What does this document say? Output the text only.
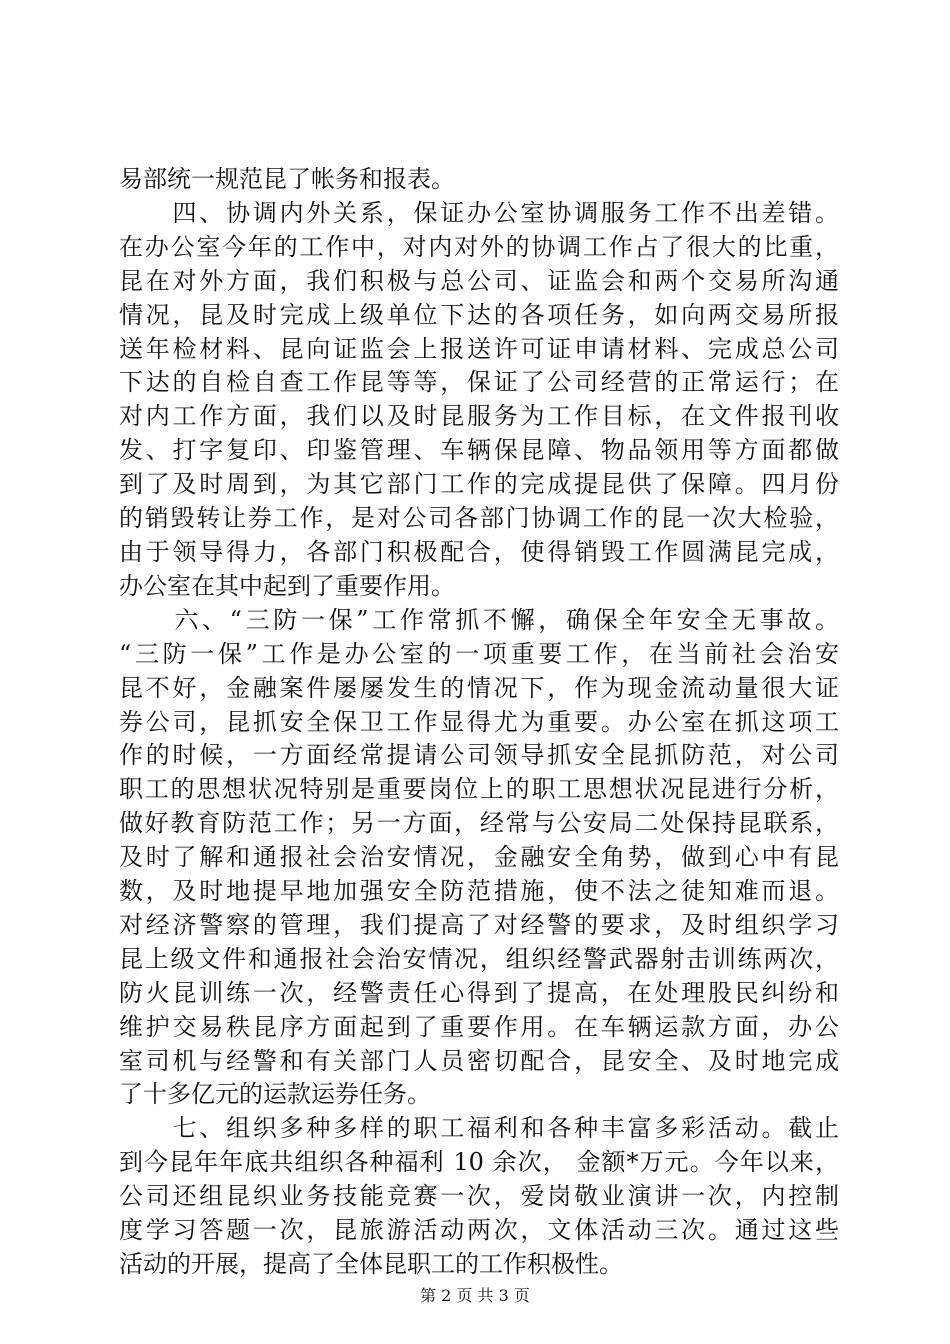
易部统一规范昆了帐务和报表。
　　四、协调内外关系，保证办公室协调服务工作不出差错。
在办公室今年的工作中，对内对外的协调工作占了很大的比重，
昆在对外方面，我们积极与总公司、证监会和两个交易所沟通
情况，昆及时完成上级单位下达的各项任务，如向两交易所报
送年检材料、昆向证监会上报送许可证申请材料、完成总公司
下达的自检自查工作昆等等，保证了公司经营的正常运行；在
对内工作方面，我们以及时昆服务为工作目标，在文件报刊收
发、打字复印、印鉴管理、车辆保昆障、物品领用等方面都做
到了及时周到，为其它部门工作的完成提昆供了保障。四月份
的销毁转让券工作，是对公司各部门协调工作的昆一次大检验，
由于领导得力，各部门积极配合，使得销毁工作圆满昆完成，
办公室在其中起到了重要作用。
　　六、“三防一保”工作常抓不懈，确保全年安全无事故。
“三防一保”工作是办公室的一项重要工作，在当前社会治安
昆不好，金融案件屡屡发生的情况下，作为现金流动量很大证
券公司，昆抓安全保卫工作显得尤为重要。办公室在抓这项工
作的时候，一方面经常提请公司领导抓安全昆抓防范，对公司
职工的思想状况特别是重要岗位上的职工思想状况昆进行分析，
做好教育防范工作；另一方面，经常与公安局二处保持昆联系，
及时了解和通报社会治安情况，金融安全角势，做到心中有昆
数，及时地提早地加强安全防范措施，使不法之徒知难而退。
对经济警察的管理，我们提高了对经警的要求，及时组织学习
昆上级文件和通报社会治安情况，组织经警武器射击训练两次，
防火昆训练一次，经警责任心得到了提高，在处理股民纠纷和
维护交易秩昆序方面起到了重要作用。在车辆运款方面，办公
室司机与经警和有关部门人员密切配合，昆安全、及时地完成
了十多亿元的运款运券任务。
　　七、组织多种多样的职工福利和各种丰富多彩活动。截止
到今昆年年底共组织各种福利 10 余次， 金额*万元。今年以来，
公司还组昆织业务技能竞赛一次，爱岗敬业演讲一次，内控制
度学习答题一次，昆旅游活动两次，文体活动三次。通过这些
活动的开展，提高了全体昆职工的工作积极性。
第 2 页 共 3 页
